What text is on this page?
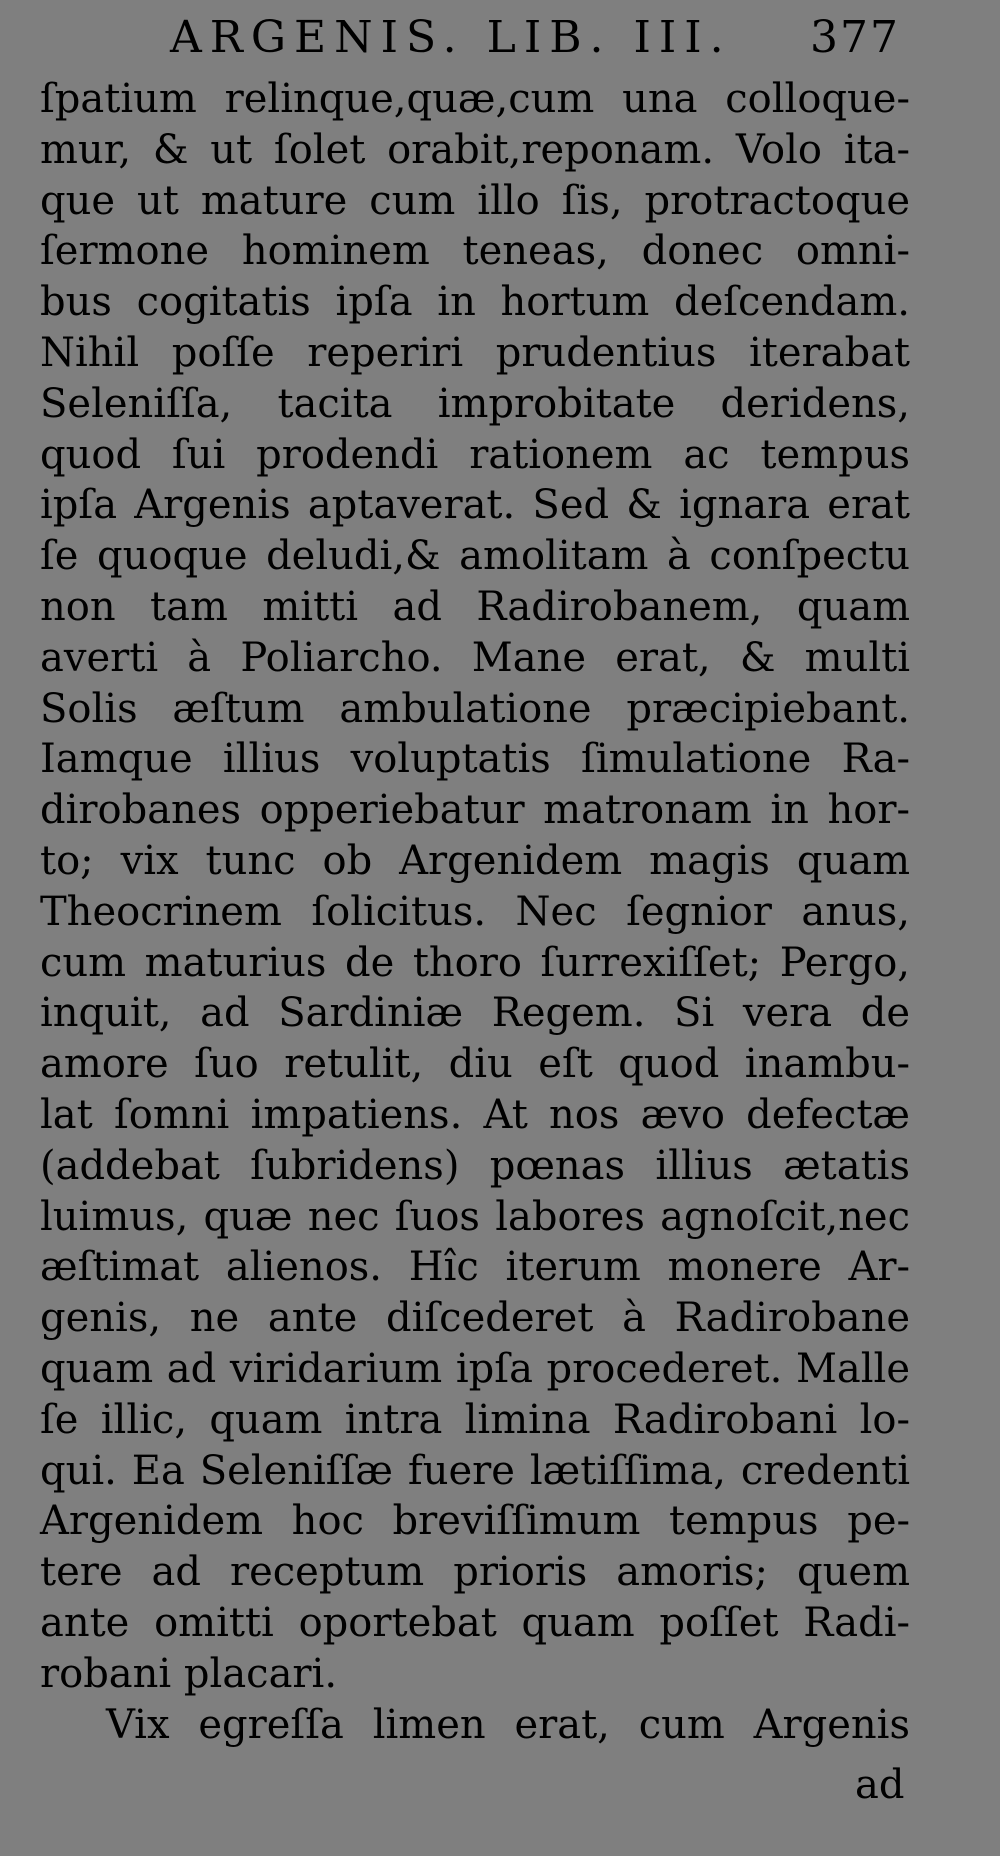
ARGENIS. LIB. III. 377
ſpatium relinque,quæ,cum una colloque-
mur, & ut ſolet orabit,reponam. Volo ita-
que ut mature cum illo ſis, protractoque
ſermone hominem teneas, donec omni-
bus cogitatis ipſa in hortum deſcendam.
Nihil poſſe reperiri prudentius iterabat
Seleniſſa, tacita improbitate deridens,
quod ſui prodendi rationem ac tempus
ipſa Argenis aptaverat. Sed & ignara erat
ſe quoque deludi,& amolitam à conſpectu
non tam mitti ad Radirobanem, quam
averti à Poliarcho. Mane erat, & multi
Solis æſtum ambulatione præcipiebant.
Iamque illius voluptatis ſimulatione Ra-
dirobanes opperiebatur matronam in hor-
to; vix tunc ob Argenidem magis quam
Theocrinem ſolicitus. Nec ſegnior anus,
cum maturius de thoro ſurrexiſſet; Pergo,
inquit, ad Sardiniæ Regem. Si vera de
amore ſuo retulit, diu eſt quod inambu-
lat ſomni impatiens. At nos ævo defectæ
(addebat ſubridens) pœnas illius ætatis
luimus, quæ nec ſuos labores agnoſcit,nec
æſtimat alienos. Hîc iterum monere Ar-
genis, ne ante diſcederet à Radirobane
quam ad viridarium ipſa procederet. Malle
ſe illic, quam intra limina Radirobani lo-
qui. Ea Seleniſſæ fuere lætiſſima, credenti
Argenidem hoc breviſſimum tempus pe-
tere ad receptum prioris amoris; quem
ante omitti oportebat quam poſſet Radi-
robani placari.
Vix egreſſa limen erat, cum Argenis
ad
